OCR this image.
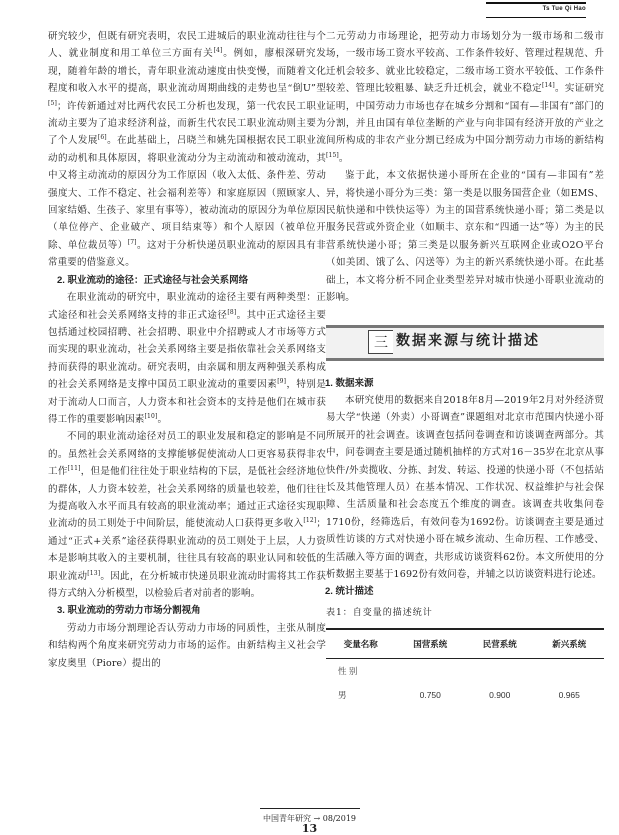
Ts Tue Qi Hao

研究较少，但既有研究表明，农民工进城后的职业流动往往与个人、就业制度和用工单位三方面有关[4]。例如，廖根深研究发现，随着年龄的增长，青年职业流动速度由快变慢，而随着文化程度和收入水平的提高，职业流动周期曲线的走势也呈“倒U”型[5]；许传新通过对比两代农民工分析也发现，第一代农民工职业流动主要为了追求经济利益，而新生代农民工职业流动则主要为了个人发展[6]。在此基础上，吕晓兰和姚先国根据农民工职业流动的动机和具体原因，将职业流动分为主动流动和被动流动，其中又将主动流动的原因分为工作原因（收入太低、条件差、劳动强度大、工作不稳定、社会福利差等）和家庭原因（照顾家人、回家结婚、生孩子、家里有事等），被动流动的原因分为单位原因（单位停产、企业破产、项目结束等）和个人原因（被单位开除、单位裁员等）[7]。这对于分析快递员职业流动的原因具有非常重要的借鉴意义。

2. 职业流动的途径：正式途径与社会关系网络

在职业流动的研究中，职业流动的途径主要有两种类型：正式途径和社会关系网络支持的非正式途径[8]。其中正式途径主要包括通过校园招聘、社会招聘、职业中介招聘或人才市场等方式而实现的职业流动，社会关系网络主要是指依靠社会关系网络支持而获得的职业流动。研究表明，由亲属和朋友两种强关系构成的社会关系网络是支撑中国员工职业流动的重要因素[9]，特别是对于流动人口而言，人力资本和社会资本的支持是他们在城市获得工作的重要影响因素[10]。

不同的职业流动途径对员工的职业发展和稳定的影响是不同的。虽然社会关系网络的支撑能够促使流动人口更容易获得非农工作[11]，但是他们往往处于职业结构的下层，是低社会经济地位的群体，人力资本较差，社会关系网络的质量也较差，他们往往为提高收入水平而具有较高的职业流动率；通过正式途径实现职业流动的员工则处于中间阶层，能使流动人口获得更多收入[12]；通过“正式+关系”途径获得职业流动的员工则处于上层，人力资本是影响其收入的主要机制，往往具有较高的职业认同和较低的职业流动[13]。因此，在分析城市快递员职业流动时需将其工作获得方式纳入分析模型，以检验后者对前者的影响。

3. 职业流动的劳动力市场分割视角

劳动力市场分割理论否认劳动力市场的同质性，主张从制度和结构两个角度来研究劳动力市场的运作。由新结构主义社会学家皮奥里（Piore）提出的

二元劳动力市场理论，把劳动力市场划分为一级市场和二级市场，一级市场工资水平较高、工作条件较好、管理过程规范、升迁机会较多、就业比较稳定，二级市场工资水平较低、工作条件较差、管理比较粗暴、缺乏升迁机会，就业不稳定[14]。实证研究证明，中国劳动力市场也存在城乡分割和“国有—非国有”部门的分割，并且由国有单位垄断的产业与向非国有经济开放的产业之间所构成的非农产业分割已经成为中国分割劳动力市场的新结构[15]。

鉴于此，本文依据快递小哥所在企业的“国有—非国有”差异，将快递小哥分为三类：第一类是以服务国营企业（如EMS、民航快递和中铁快运等）为主的国营系统快递小哥；第二类是以服务民营或外资企业（如顺丰、京东和“四通一达”等）为主的民营系统快递小哥；第三类是以服务新兴互联网企业或O2O平台（如美团、饿了么、闪送等）为主的新兴系统快递小哥。在此基础上，本文将分析不同企业类型差异对城市快递小哥职业流动的影响。

三 数据来源与统计描述
1. 数据来源

本研究使用的数据来自2018年8月—2019年2月对外经济贸易大学“快递（外卖）小哥调查”课题组对北京市范围内快递小哥所展开的社会调查。该调查包括问卷调查和访谈调查两部分。其中，问卷调查主要是通过随机抽样的方式对16－35岁在北京从事快件/外卖揽收、分拣、封发、转运、投递的快递小哥（不包括站长及其他管理人员）在基本情况、工作状况、权益维护与社会保障、生活质量和社会态度五个维度的调查。该调查共收集问卷1710份，经筛选后，有效问卷为1692份。访谈调查主要是通过质性访谈的方式对快递小哥在城乡流动、生命历程、工作感受、生活融入等方面的调查，共形成访谈资料62份。本文所使用的分析数据主要基于1692份有效问卷，并辅之以访谈资料进行论述。

2. 统计描述
表1：自变量的描述统计
变量名称	国营系统	民营系统	新兴系统
性 别			
男	0.750	0.900	0.965

中国青年研究 → 08/2019
13
